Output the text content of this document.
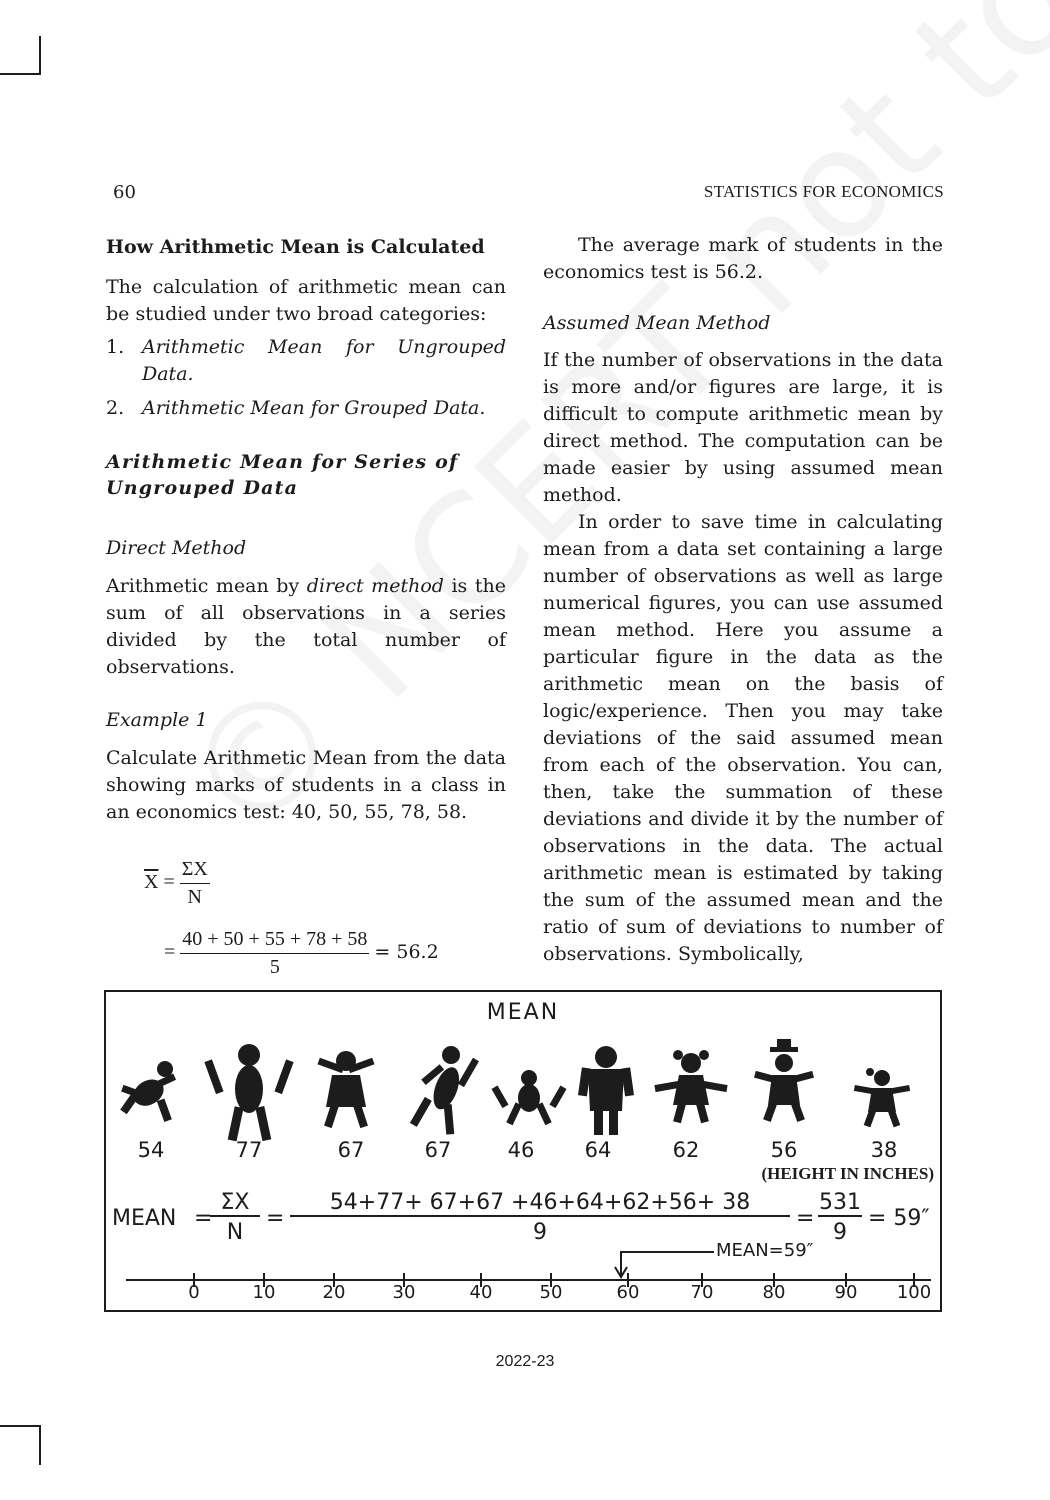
60	STATISTICS FOR ECONOMICS

How Arithmetic Mean is Calculated

The calculation of arithmetic mean can be studied under two broad categories:

1. Arithmetic Mean for Ungrouped Data.
2. Arithmetic Mean for Grouped Data.

Arithmetic Mean for Series of Ungrouped Data

Direct Method

Arithmetic mean by direct method is the sum of all observations in a series divided by the total number of observations.

Example 1

Calculate Arithmetic Mean from the data showing marks of students in a class in an economics test: 40, 50, 55, 78, 58.

$\overline{X} = \frac{\Sigma X}{N}$
= $\frac{40 + 50 + 55 + 78 + 58}{5} = 56.2$

The average mark of students in the economics test is 56.2.

Assumed Mean Method

If the number of observations in the data is more and/or figures are large, it is difficult to compute arithmetic mean by direct method. The computation can be made easier by using assumed mean method.

In order to save time in calculating mean from a data set containing a large number of observations as well as large numerical figures, you can use assumed mean method. Here you assume a particular figure in the data as the arithmetic mean on the basis of logic/experience. Then you may take deviations of the said assumed mean from each of the observation. You can, then, take the summation of these deviations and divide it by the number of observations in the data. The actual arithmetic mean is estimated by taking the sum of the assumed mean and the ratio of sum of deviations to number of observations. Symbolically,

MEAN
54	77	67	67	46	64	62	56	38
(HEIGHT IN INCHES)
MEAN =
ΣX
N
=
54+77+ 67+67 +46+64+62+56+ 38
9
=
531
9
= 59″
MEAN=59″
0	10	20	30	40	50	60	70	80	90	100
2022-23
